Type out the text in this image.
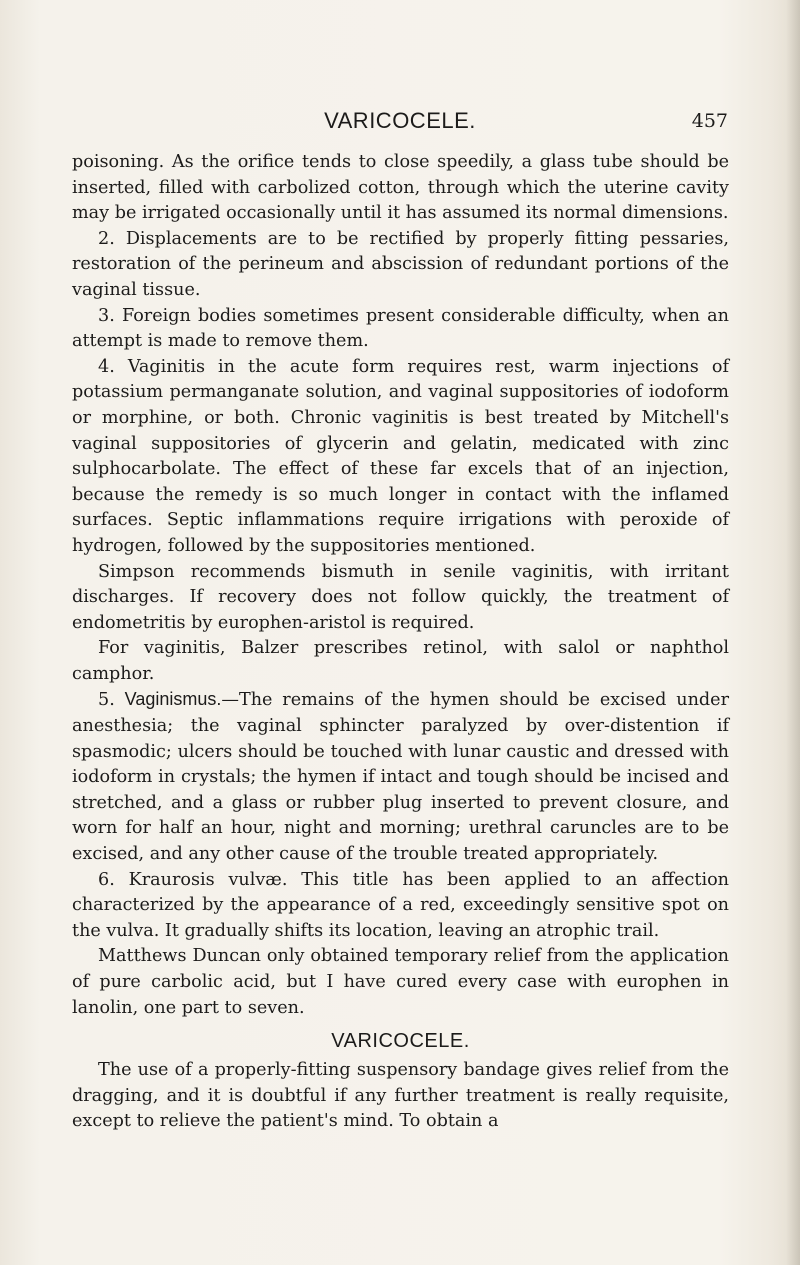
VARICOCELE.	457

poisoning. As the orifice tends to close speedily, a glass tube should be inserted, filled with carbolized cotton, through which the uterine cavity may be irrigated occasionally until it has assumed its normal dimensions.

2. Displacements are to be rectified by properly fitting pessaries, restoration of the perineum and abscission of redundant portions of the vaginal tissue.

3. Foreign bodies sometimes present considerable difficulty, when an attempt is made to remove them.

4. Vaginitis in the acute form requires rest, warm injections of potassium permanganate solution, and vaginal suppositories of iodoform or morphine, or both. Chronic vaginitis is best treated by Mitchell's vaginal suppositories of glycerin and gelatin, medicated with zinc sulphocarbolate. The effect of these far excels that of an injection, because the remedy is so much longer in contact with the inflamed surfaces. Septic inflammations require irrigations with peroxide of hydrogen, followed by the suppositories mentioned.

Simpson recommends bismuth in senile vaginitis, with irritant discharges. If recovery does not follow quickly, the treatment of endometritis by europhen-aristol is required.

For vaginitis, Balzer prescribes retinol, with salol or naphthol camphor.

5. Vaginismus.—The remains of the hymen should be excised under anesthesia; the vaginal sphincter paralyzed by over-distention if spasmodic; ulcers should be touched with lunar caustic and dressed with iodoform in crystals; the hymen if intact and tough should be incised and stretched, and a glass or rubber plug inserted to prevent closure, and worn for half an hour, night and morning; urethral caruncles are to be excised, and any other cause of the trouble treated appropriately.

6. Kraurosis vulvæ. This title has been applied to an affection characterized by the appearance of a red, exceedingly sensitive spot on the vulva. It gradually shifts its location, leaving an atrophic trail.

Matthews Duncan only obtained temporary relief from the application of pure carbolic acid, but I have cured every case with europhen in lanolin, one part to seven.

VARICOCELE.

The use of a properly-fitting suspensory bandage gives relief from the dragging, and it is doubtful if any further treatment is really requisite, except to relieve the patient's mind. To obtain a
